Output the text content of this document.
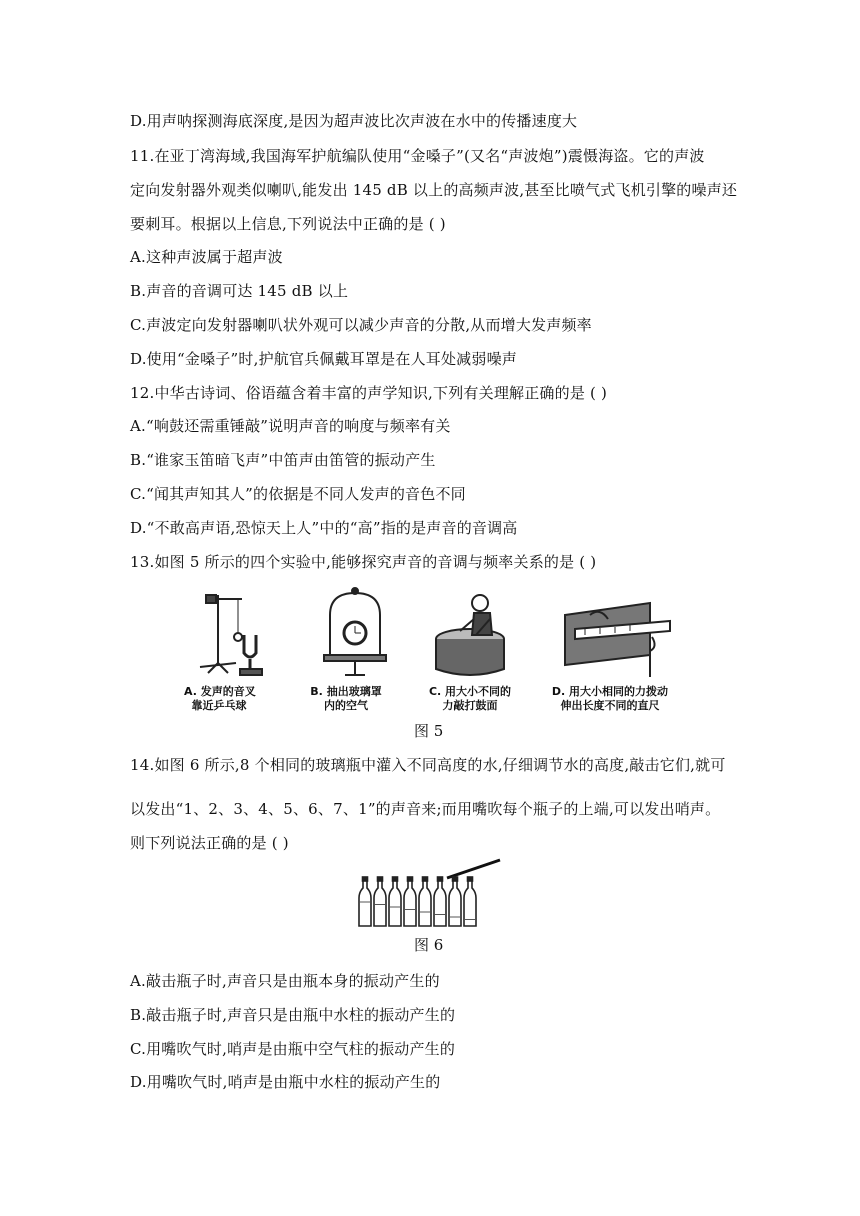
D.用声呐探测海底深度,是因为超声波比次声波在水中的传播速度大
11.在亚丁湾海域,我国海军护航编队使用“金嗓子”(又名“声波炮”)震慑海盗。它的声波
定向发射器外观类似喇叭,能发出 145 dB 以上的高频声波,甚至比喷气式飞机引擎的噪声还
要刺耳。根据以上信息,下列说法中正确的是 ( )
A.这种声波属于超声波
B.声音的音调可达 145 dB 以上
C.声波定向发射器喇叭状外观可以减少声音的分散,从而增大发声频率
D.使用“金嗓子”时,护航官兵佩戴耳罩是在人耳处减弱噪声
12.中华古诗词、俗语蕴含着丰富的声学知识,下列有关理解正确的是 ( )
A.“响鼓还需重锤敲”说明声音的响度与频率有关
B.“谁家玉笛暗飞声”中笛声由笛管的振动产生
C.“闻其声知其人”的依据是不同人发声的音色不同
D.“不敢高声语,恐惊天上人”中的“高”指的是声音的音调高
13.如图 5 所示的四个实验中,能够探究声音的音调与频率关系的是 ( )
A. 发声的音叉
靠近乒乓球
B. 抽出玻璃罩
内的空气
C. 用大小不同的
力敲打鼓面
D. 用大小相同的力拨动
伸出长度不同的直尺
图 5
14.如图 6 所示,8 个相同的玻璃瓶中灌入不同高度的水,仔细调节水的高度,敲击它们,就可
以发出“1、2、3、4、5、6、7、1”的声音来;而用嘴吹每个瓶子的上端,可以发出哨声。
则下列说法正确的是 ( )
图 6
A.敲击瓶子时,声音只是由瓶本身的振动产生的
B.敲击瓶子时,声音只是由瓶中水柱的振动产生的
C.用嘴吹气时,哨声是由瓶中空气柱的振动产生的
D.用嘴吹气时,哨声是由瓶中水柱的振动产生的
